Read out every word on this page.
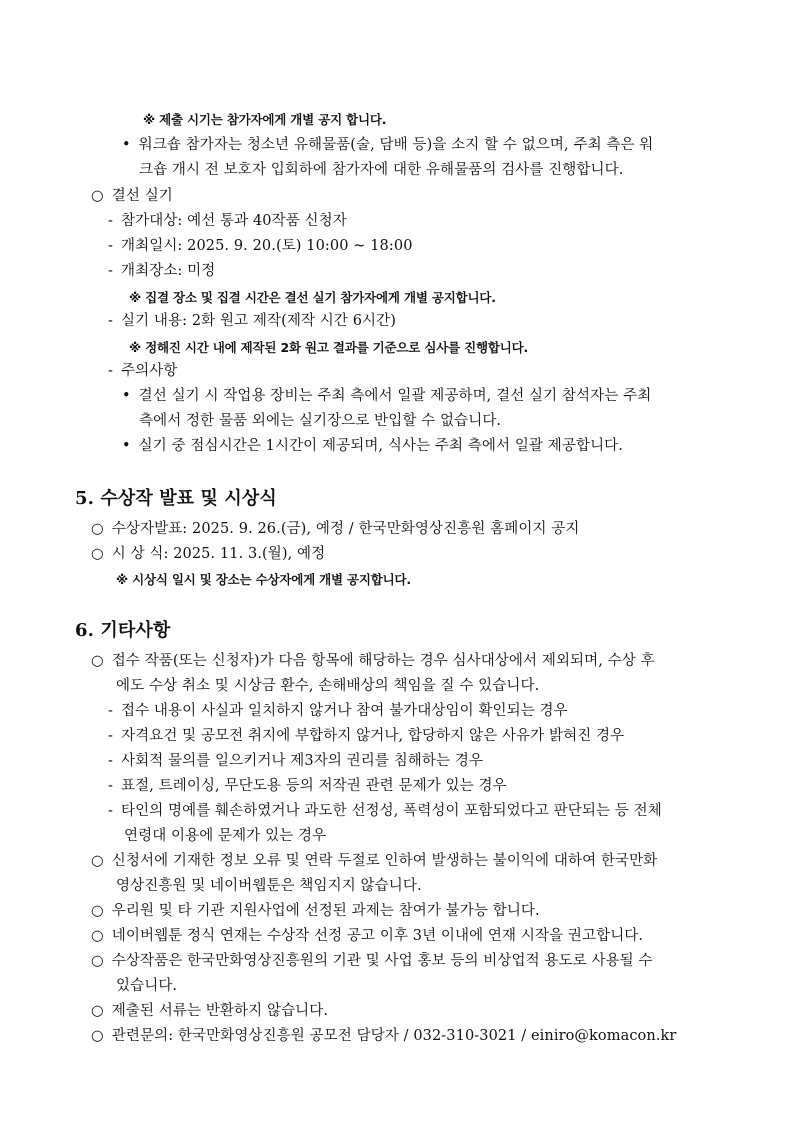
※ 제출 시기는 참가자에게 개별 공지 합니다.
• 워크숍 참가자는 청소년 유해물품(술, 담배 등)을 소지 할 수 없으며, 주최 측은 워
크숍 개시 전 보호자 입회하에 참가자에 대한 유해물품의 검사를 진행합니다.
○ 결선 실기
- 참가대상: 예선 통과 40작품 신청자
- 개최일시: 2025. 9. 20.(토) 10:00 ~ 18:00
- 개최장소: 미정
※ 집결 장소 및 집결 시간은 결선 실기 참가자에게 개별 공지합니다.
- 실기 내용: 2화 원고 제작(제작 시간 6시간)
※ 정해진 시간 내에 제작된 2화 원고 결과를 기준으로 심사를 진행합니다.
- 주의사항
• 결선 실기 시 작업용 장비는 주최 측에서 일괄 제공하며, 결선 실기 참석자는 주최
측에서 정한 물품 외에는 실기장으로 반입할 수 없습니다.
• 실기 중 점심시간은 1시간이 제공되며, 식사는 주최 측에서 일괄 제공합니다.
5. 수상작 발표 및 시상식
○ 수상자발표: 2025. 9. 26.(금), 예정 / 한국만화영상진흥원 홈페이지 공지
○ 시 상 식: 2025. 11. 3.(월), 예정
※ 시상식 일시 및 장소는 수상자에게 개별 공지합니다.
6. 기타사항
○ 접수 작품(또는 신청자)가 다음 항목에 해당하는 경우 심사대상에서 제외되며, 수상 후
에도 수상 취소 및 시상금 환수, 손해배상의 책임을 질 수 있습니다.
- 접수 내용이 사실과 일치하지 않거나 참여 불가대상임이 확인되는 경우
- 자격요건 및 공모전 취지에 부합하지 않거나, 합당하지 않은 사유가 밝혀진 경우
- 사회적 물의를 일으키거나 제3자의 권리를 침해하는 경우
- 표절, 트레이싱, 무단도용 등의 저작권 관련 문제가 있는 경우
- 타인의 명예를 훼손하였거나 과도한 선정성, 폭력성이 포함되었다고 판단되는 등 전체
연령대 이용에 문제가 있는 경우
○ 신청서에 기재한 정보 오류 및 연락 두절로 인하여 발생하는 불이익에 대하여 한국만화
영상진흥원 및 네이버웹툰은 책임지지 않습니다.
○ 우리원 및 타 기관 지원사업에 선정된 과제는 참여가 불가능 합니다.
○ 네이버웹툰 정식 연재는 수상작 선정 공고 이후 3년 이내에 연재 시작을 권고합니다.
○ 수상작품은 한국만화영상진흥원의 기관 및 사업 홍보 등의 비상업적 용도로 사용될 수
있습니다.
○ 제출된 서류는 반환하지 않습니다.
○ 관련문의: 한국만화영상진흥원 공모전 담당자 / 032-310-3021 / einiro@komacon.kr
